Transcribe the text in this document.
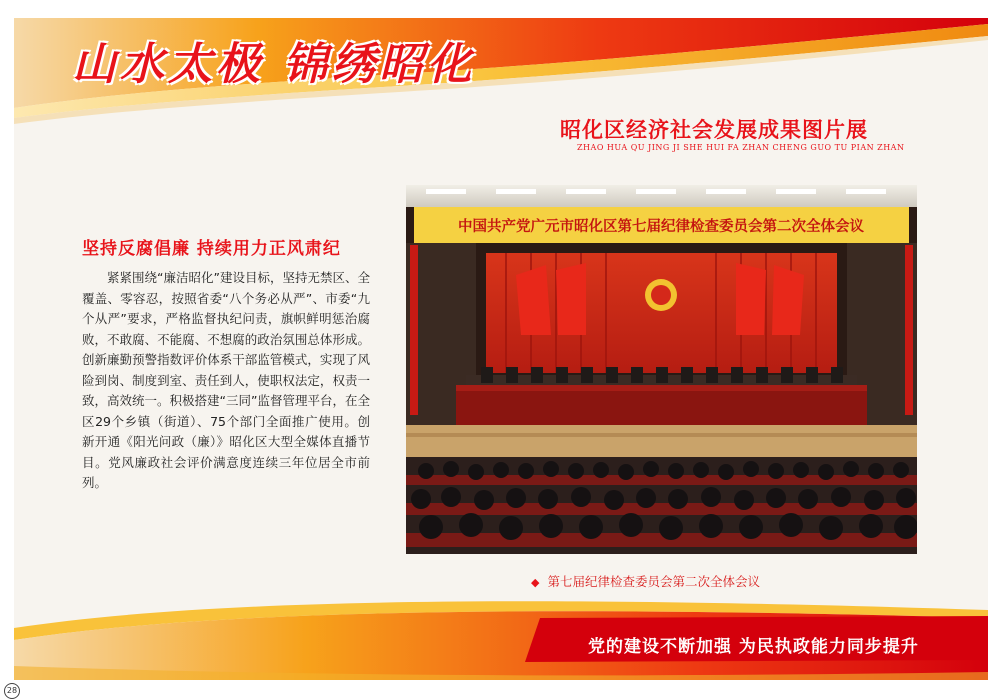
山水太极 锦绣昭化
昭化区经济社会发展成果图片展
ZHAO HUA QU JING JI SHE HUI FA ZHAN CHENG GUO TU PIAN ZHAN
坚持反腐倡廉 持续用力正风肃纪

紧紧围绕“廉洁昭化”建设目标，坚持无禁区、全覆盖、零容忍，按照省委“八个务必从严”、市委“九个从严”要求，严格监督执纪问责，旗帜鲜明惩治腐败，不敢腐、不能腐、不想腐的政治氛围总体形成。创新廉勤预警指数评价体系干部监管模式，实现了风险到岗、制度到室、责任到人，使职权法定，权责一致，高效统一。积极搭建“三同”监督管理平台，在全区29个乡镇（街道）、75个部门全面推广使用。创新开通《阳光问政（廉）》昭化区大型全媒体直播节目。党风廉政社会评价满意度连续三年位居全市前列。

中国共产党广元市昭化区第七届纪律检查委员会第二次全体会议
◆ 第七届纪律检查委员会第二次全体会议
党的建设不断加强 为民执政能力同步提升
28
